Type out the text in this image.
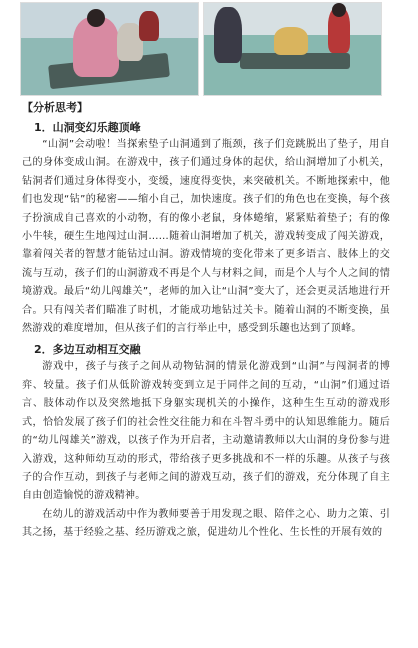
【分析思考】

1．山洞变幻乐趣顶峰

“山洞”会动啦！当探索垫子山洞通到了瓶颈，孩子们竞跳脱出了垫子，用自己的身体变成山洞。在游戏中，孩子们通过身体的起伏，给山洞增加了小机关，钻洞者们通过身体得变小，变缓，速度得变快，来突破机关。不断地探索中，他们也发现“钻”的秘密——缩小自己，加快速度。孩子们的角色也在变换，每个孩子扮演成自己喜欢的小动物，有的像小老鼠，身体蜷缩，紧紧贴着垫子；有的像小牛犊，硬生生地闯过山洞……随着山洞增加了机关，游戏转变成了闯关游戏，靠着闯关者的智慧才能钻过山洞。游戏情境的变化带来了更多语言、肢体上的交流与互动，孩子们的山洞游戏不再是个人与材料之间，而是个人与个人之间的情境游戏。最后“幼儿闯雄关”，老师的加入让“山洞”变大了，还会更灵活地进行开合。只有闯关者们瞄准了时机，才能成功地钻过关卡。随着山洞的不断变换，虽然游戏的难度增加，但从孩子们的言行举止中，感受到乐趣也达到了顶峰。

2．多边互动相互交融

游戏中，孩子与孩子之间从动物钻洞的情景化游戏到“山洞”与闯洞者的博弈、较量。孩子们从低阶游戏转变到立足于同伴之间的互动，“山洞”们通过语言、肢体动作以及突然地抵下身躯实现机关的小操作，这种生生互动的游戏形式，恰恰发展了孩子们的社会性交往能力和在斗智斗勇中的认知思维能力。随后的“幼儿闯雄关”游戏，以孩子作为开启者，主动邀请教师以大山洞的身份参与进入游戏，这种师幼互动的形式，带给孩子更多挑战和不一样的乐趣。从孩子与孩子的合作互动，到孩子与老师之间的游戏互动，孩子们的游戏，充分体现了自主自由创造愉悦的游戏精神。

在幼儿的游戏活动中作为教师要善于用发现之眼、陪伴之心、助力之策、引其之扬，基于经验之基、经历游戏之旅，促进幼儿个性化、生长性的开展有效的
